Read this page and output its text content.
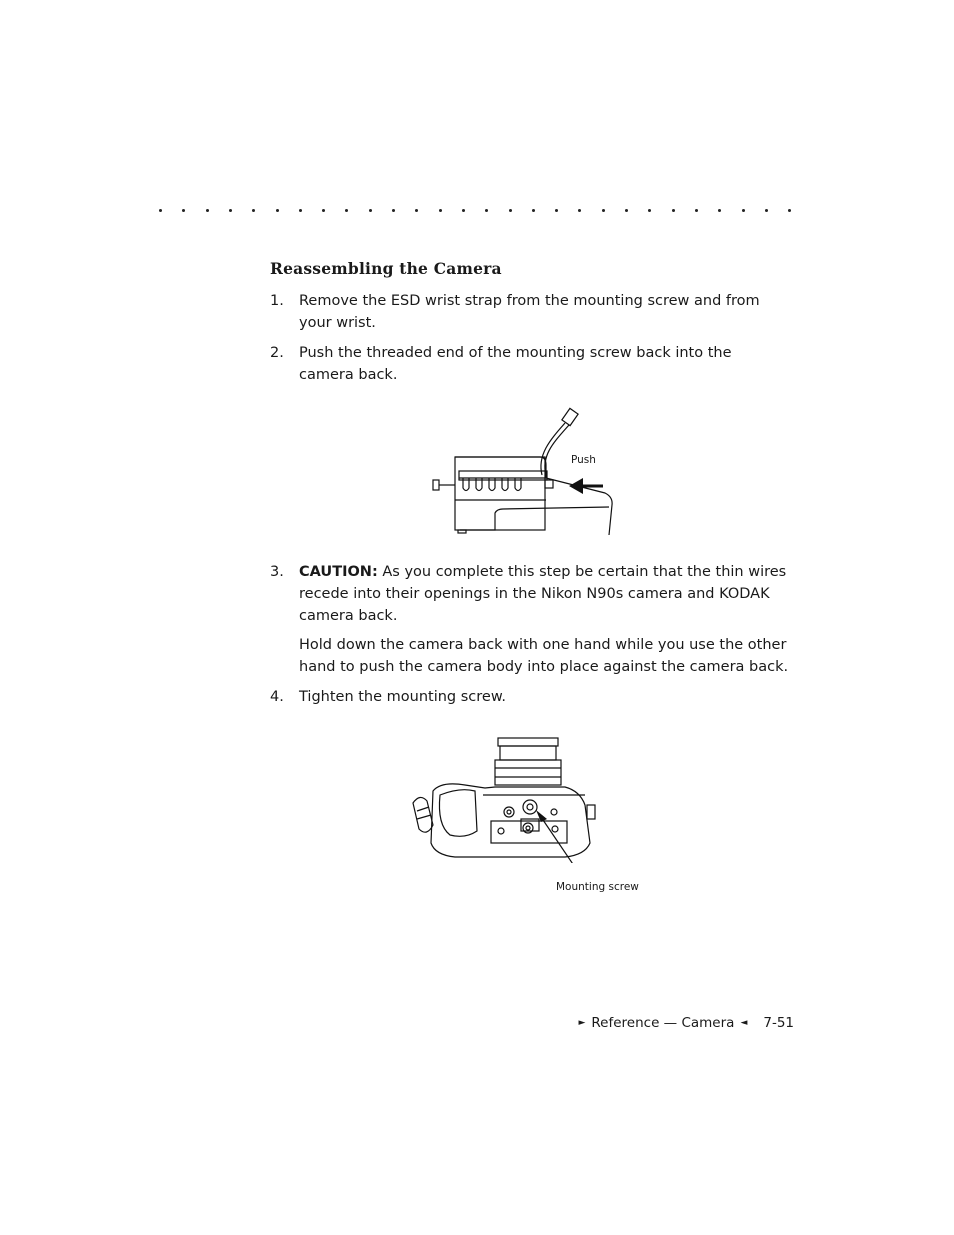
Reassembling the Camera
1. Remove the ESD wrist strap from the mounting screw and from your wrist.
2. Push the threaded end of the mounting screw back into the camera back.
Push
3. CAUTION: As you complete this step be certain that the thin wires recede into their openings in the Nikon N90s camera and KODAK camera back.
Hold down the camera back with one hand while you use the other hand to push the camera body into place against the camera back.
4. Tighten the mounting screw.
Mounting screw
► Reference — Camera ◄ 7-51
